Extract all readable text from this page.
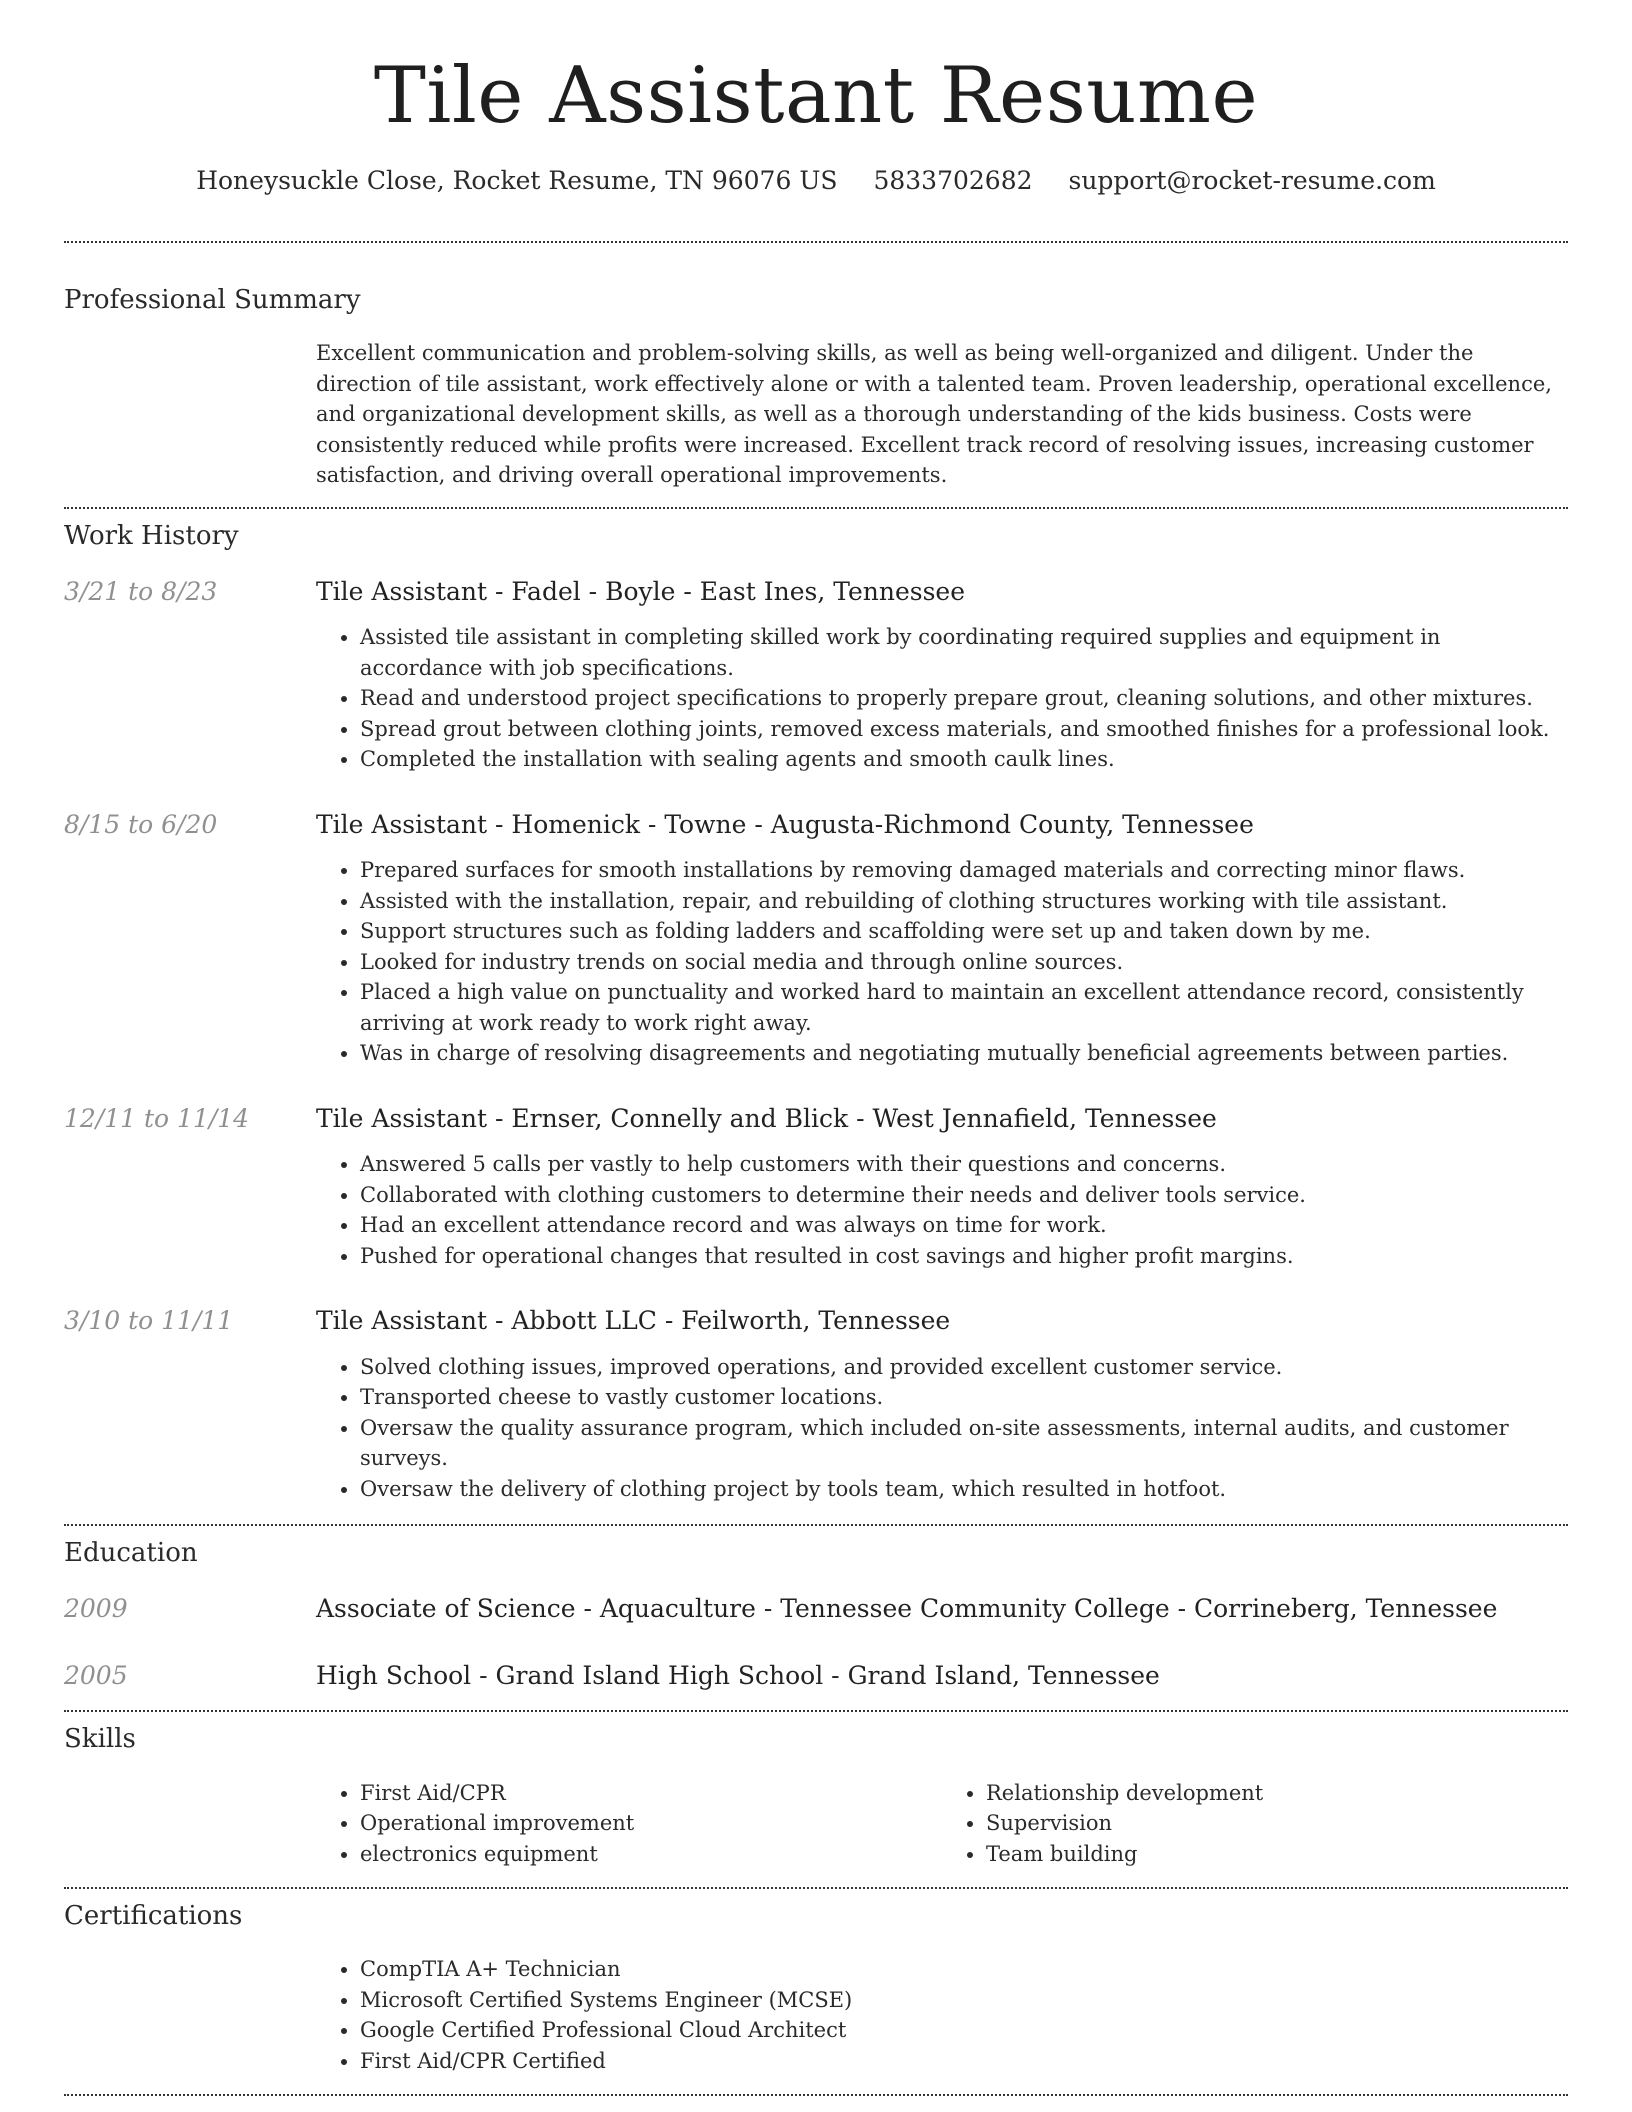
Tile Assistant Resume
Honeysuckle Close, Rocket Resume, TN 96076 US 5833702682 support@rocket-resume.com
Professional Summary

Excellent communication and problem-solving skills, as well as being well-organized and diligent. Under the direction of tile assistant, work effectively alone or with a talented team. Proven leadership, operational excellence, and organizational development skills, as well as a thorough understanding of the kids business. Costs were consistently reduced while profits were increased. Excellent track record of resolving issues, increasing customer satisfaction, and driving overall operational improvements.

Work History
3/21 to 8/23	Tile Assistant - Fadel - Boyle - East Ines, Tennessee
• Assisted tile assistant in completing skilled work by coordinating required supplies and equipment in accordance with job specifications.
• Read and understood project specifications to properly prepare grout, cleaning solutions, and other mixtures.
• Spread grout between clothing joints, removed excess materials, and smoothed finishes for a professional look.
• Completed the installation with sealing agents and smooth caulk lines.
8/15 to 6/20	Tile Assistant - Homenick - Towne - Augusta-Richmond County, Tennessee
• Prepared surfaces for smooth installations by removing damaged materials and correcting minor flaws.
• Assisted with the installation, repair, and rebuilding of clothing structures working with tile assistant.
• Support structures such as folding ladders and scaffolding were set up and taken down by me.
• Looked for industry trends on social media and through online sources.
• Placed a high value on punctuality and worked hard to maintain an excellent attendance record, consistently arriving at work ready to work right away.
• Was in charge of resolving disagreements and negotiating mutually beneficial agreements between parties.
12/11 to 11/14	Tile Assistant - Ernser, Connelly and Blick - West Jennafield, Tennessee
• Answered 5 calls per vastly to help customers with their questions and concerns.
• Collaborated with clothing customers to determine their needs and deliver tools service.
• Had an excellent attendance record and was always on time for work.
• Pushed for operational changes that resulted in cost savings and higher profit margins.
3/10 to 11/11	Tile Assistant - Abbott LLC - Feilworth, Tennessee
• Solved clothing issues, improved operations, and provided excellent customer service.
• Transported cheese to vastly customer locations.
• Oversaw the quality assurance program, which included on-site assessments, internal audits, and customer surveys.
• Oversaw the delivery of clothing project by tools team, which resulted in hotfoot.
Education
2009	Associate of Science - Aquaculture - Tennessee Community College - Corrineberg, Tennessee
2005	High School - Grand Island High School - Grand Island, Tennessee
Skills
• First Aid/CPR
• Operational improvement
• electronics equipment
• Relationship development
• Supervision
• Team building
Certifications
• CompTIA A+ Technician
• Microsoft Certified Systems Engineer (MCSE)
• Google Certified Professional Cloud Architect
• First Aid/CPR Certified
